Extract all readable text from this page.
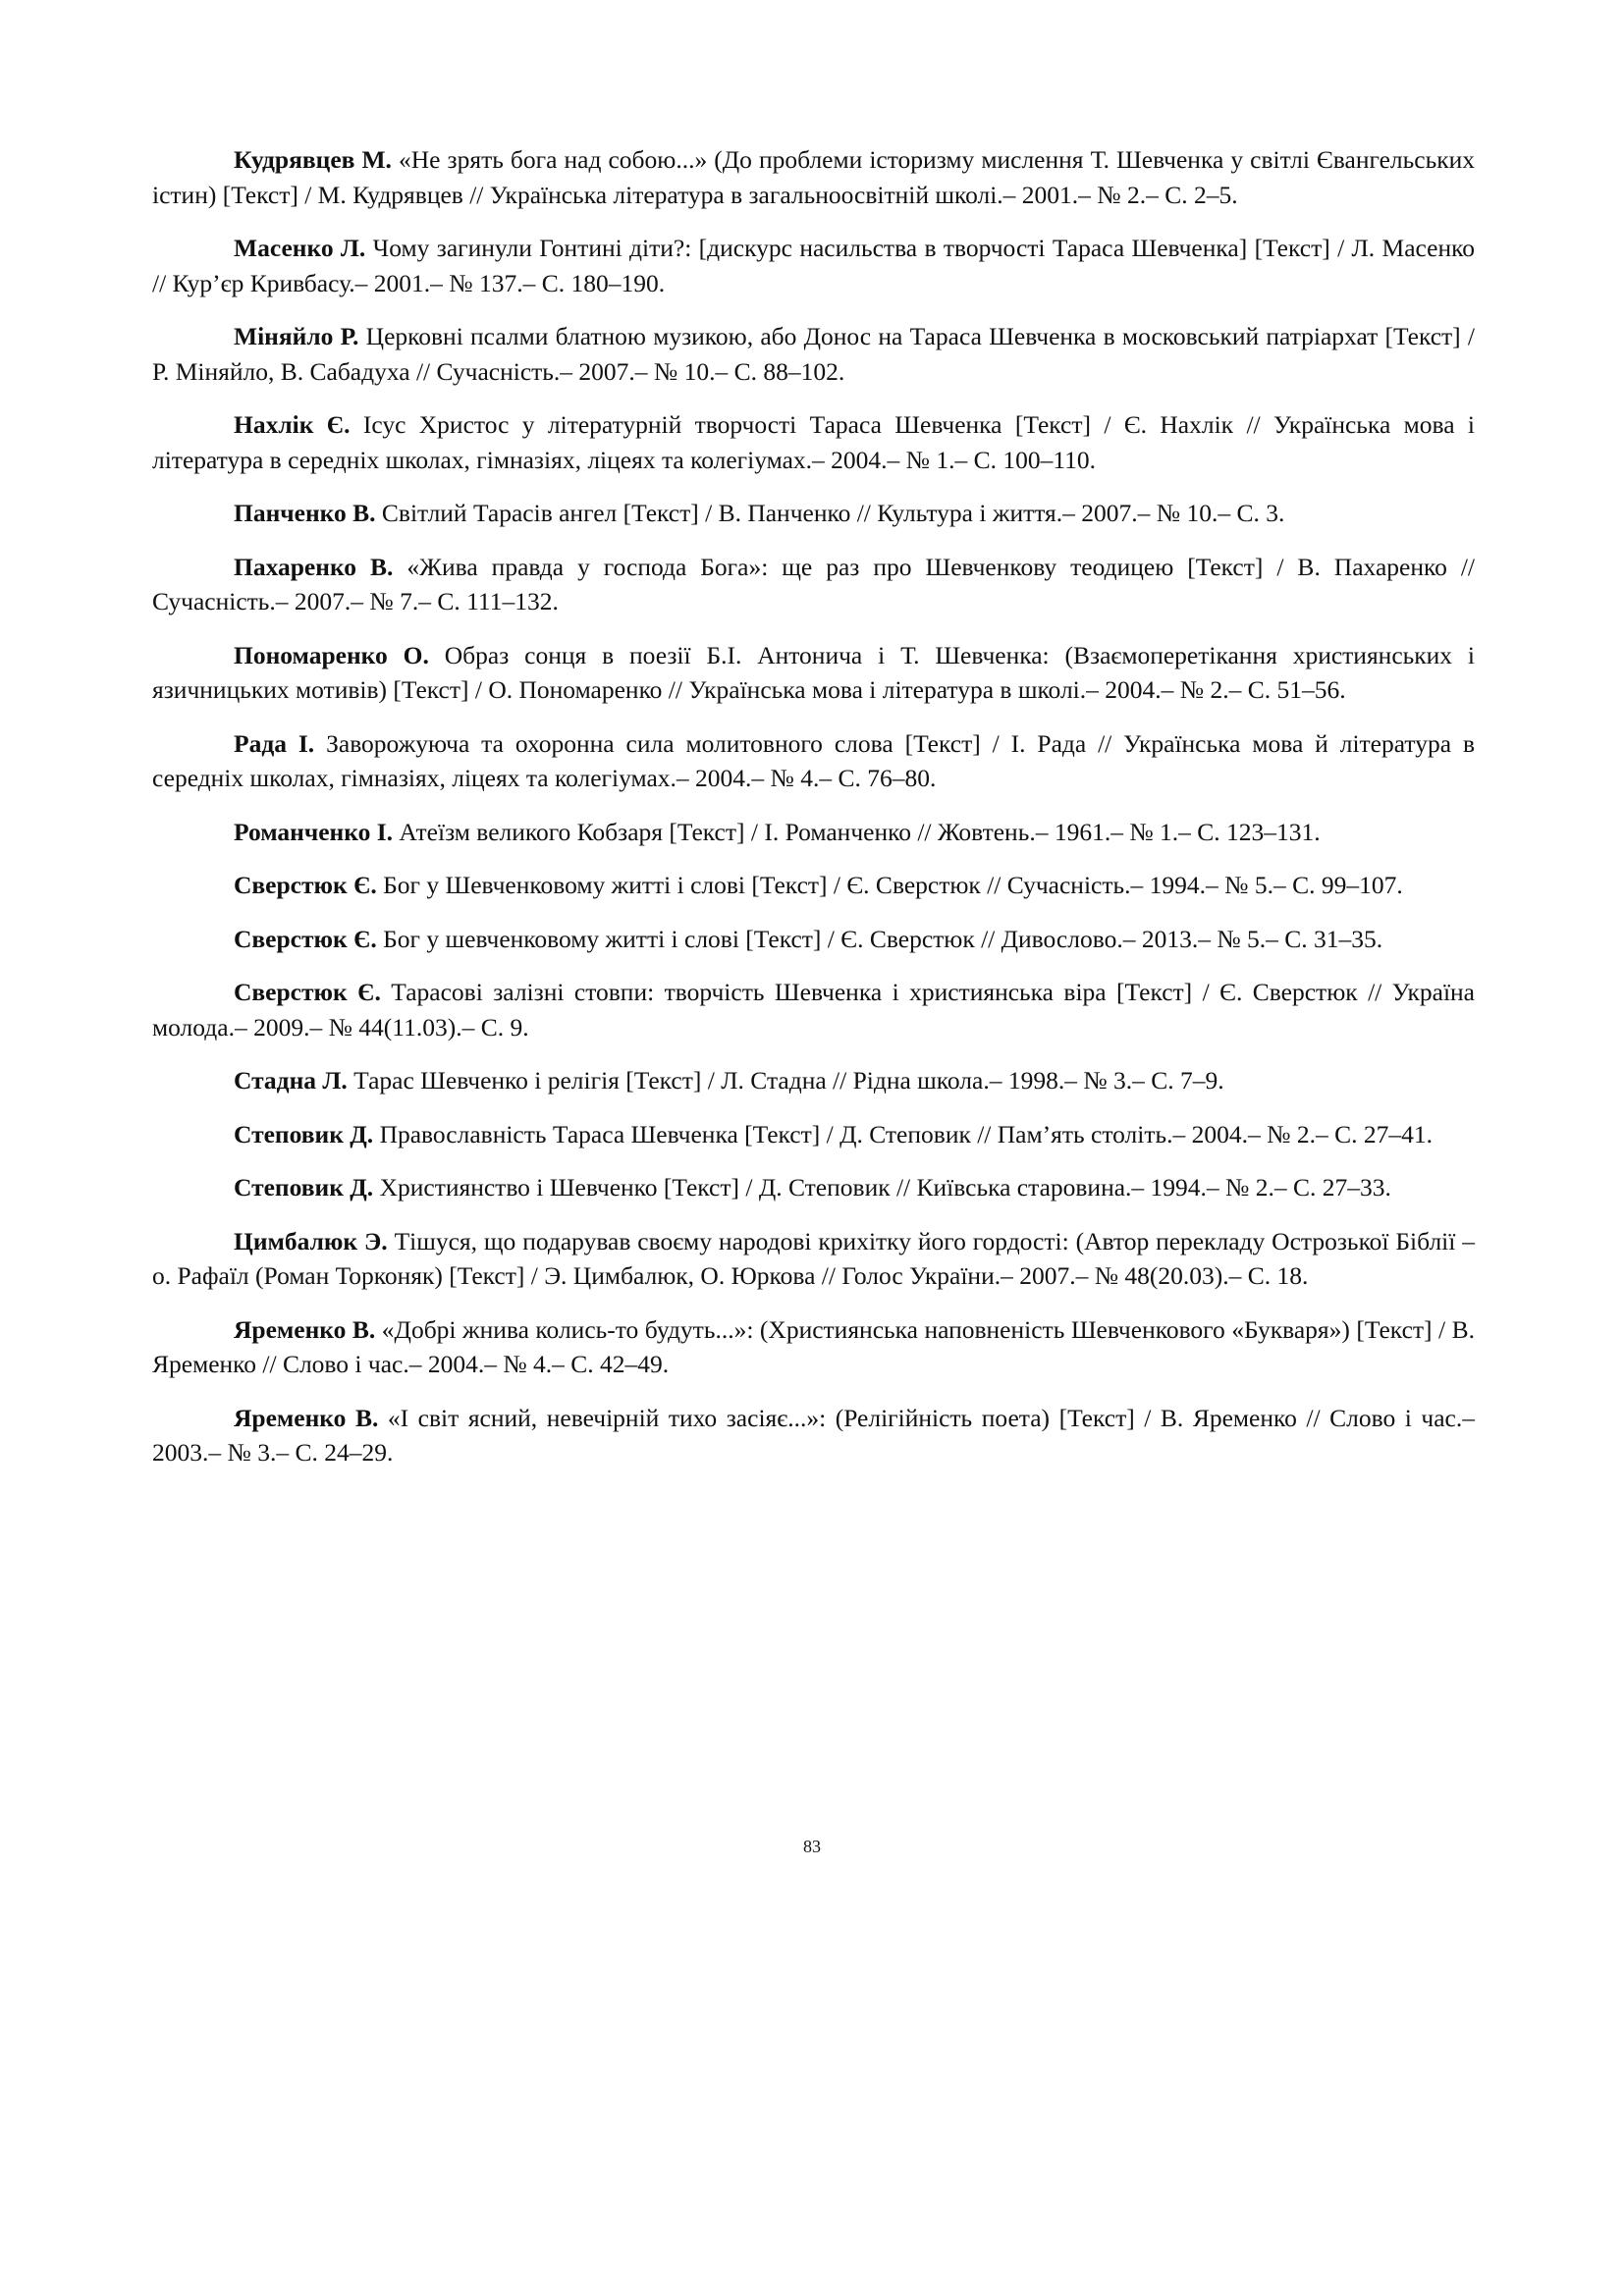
Кудрявцев М. «Не зрять бога над собою...» (До проблеми історизму мислення Т. Шевченка у світлі Євангельських істин) [Текст] / М. Кудрявцев // Українська література в загальноосвітній школі.– 2001.– № 2.– С. 2–5.

Масенко Л. Чому загинули Гонтині діти?: [дискурс насильства в творчості Тараса Шевченка] [Текст] / Л. Масенко // Кур’єр Кривбасу.– 2001.– № 137.– С. 180–190.

Міняйло Р. Церковні псалми блатною музикою, або Донос на Тараса Шевченка в московський патріархат [Текст] / Р. Міняйло, В. Сабадуха // Сучасність.– 2007.– № 10.– С. 88–102.

Нахлік Є. Ісус Христос у літературній творчості Тараса Шевченка [Текст] / Є. Нахлік // Українська мова і література в середніх школах, гімназіях, ліцеях та колегіумах.– 2004.– № 1.– С. 100–110.

Панченко В. Світлий Тарасів ангел [Текст] / В. Панченко // Культура і життя.– 2007.– № 10.– С. 3.

Пахаренко В. «Жива правда у господа Бога»: ще раз про Шевченкову теодицею [Текст] / В. Пахаренко // Сучасність.– 2007.– № 7.– С. 111–132.

Пономаренко О. Образ сонця в поезії Б.І. Антонича і Т. Шевченка: (Взаємоперетікання християнських і язичницьких мотивів) [Текст] / О. Пономаренко // Українська мова і література в школі.– 2004.– № 2.– С. 51–56.

Рада І. Заворожуюча та охоронна сила молитовного слова [Текст] / І. Рада // Українська мова й література в середніх школах, гімназіях, ліцеях та колегіумах.– 2004.– № 4.– С. 76–80.

Романченко І. Атеїзм великого Кобзаря [Текст] / І. Романченко // Жовтень.– 1961.– № 1.– С. 123–131.

Сверстюк Є. Бог у Шевченковому житті і слові [Текст] / Є. Сверстюк // Сучасність.– 1994.– № 5.– С. 99–107.

Сверстюк Є. Бог у шевченковому житті і слові [Текст] / Є. Сверстюк // Дивослово.– 2013.– № 5.– С. 31–35.

Сверстюк Є. Тарасові залізні стовпи: творчість Шевченка і християнська віра [Текст] / Є. Сверстюк // Україна молода.– 2009.– № 44(11.03).– С. 9.

Стадна Л. Тарас Шевченко і релігія [Текст] / Л. Стадна // Рідна школа.– 1998.– № 3.– С. 7–9.

Степовик Д. Православність Тараса Шевченка [Текст] / Д. Степовик // Пам’ять століть.– 2004.– № 2.– С. 27–41.

Степовик Д. Християнство і Шевченко [Текст] / Д. Степовик // Київська старовина.– 1994.– № 2.– С. 27–33.

Цимбалюк Э. Тішуся, що подарував своєму народові крихітку його гордості: (Автор перекладу Острозької Біблії – о. Рафаїл (Роман Торконяк) [Текст] / Э. Цимбалюк, О. Юркова // Голос України.– 2007.– № 48(20.03).– С. 18.

Яременко В. «Добрі жнива колись-то будуть...»: (Християнська наповненість Шевченкового «Букваря») [Текст] / В. Яременко // Слово і час.– 2004.– № 4.– С. 42–49.

Яременко В. «І світ ясний, невечірній тихо засіяє...»: (Релігійність поета) [Текст] / В. Яременко // Слово і час.– 2003.– № 3.– С. 24–29.

83
